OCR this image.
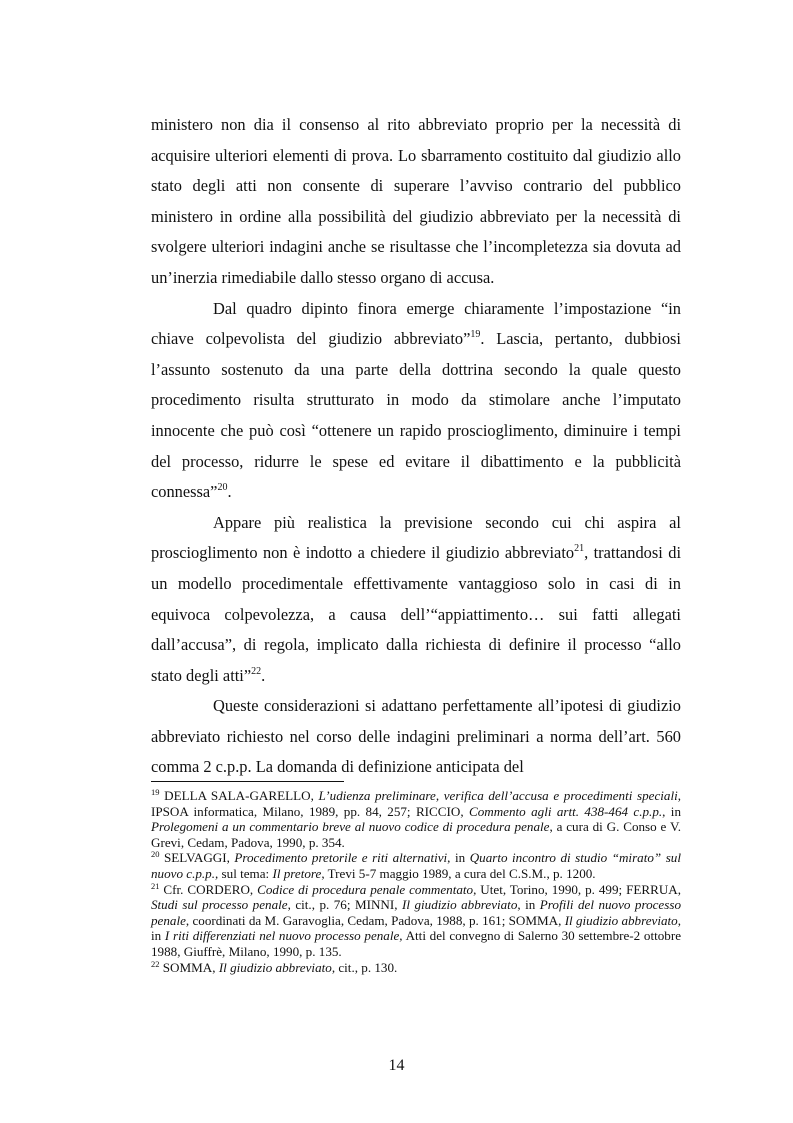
ministero non dia il consenso al rito abbreviato proprio per la necessità di acquisire ulteriori elementi di prova. Lo sbarramento costituito dal giudizio allo stato degli atti non consente di superare l’avviso contrario del pubblico ministero in ordine alla possibilità del giudizio abbreviato per la necessità di svolgere ulteriori indagini anche se risultasse che l’incompletezza sia dovuta ad un’inerzia rimediabile dallo stesso organo di accusa.

Dal quadro dipinto finora emerge chiaramente l’impostazione “in chiave colpevolista del giudizio abbreviato”$^{19}$. Lascia, pertanto, dubbiosi l’assunto sostenuto da una parte della dottrina secondo la quale questo procedimento risulta strutturato in modo da stimolare anche l’imputato innocente che può così “ottenere un rapido proscioglimento, diminuire i tempi del processo, ridurre le spese ed evitare il dibattimento e la pubblicità connessa”$^{20}$.

Appare più realistica la previsione secondo cui chi aspira al proscioglimento non è indotto a chiedere il giudizio abbreviato$^{21}$, trattandosi di un modello procedimentale effettivamente vantaggioso solo in casi di in equivoca colpevolezza, a causa dell’“appiattimento… sui fatti allegati dall’accusa”, di regola, implicato dalla richiesta di definire il processo “allo stato degli atti”$^{22}$.

Queste considerazioni si adattano perfettamente all’ipotesi di giudizio abbreviato richiesto nel corso delle indagini preliminari a norma dell’art. 560 comma 2 c.p.p. La domanda di definizione anticipata del

$^{19}$ DELLA SALA-GARELLO, L’udienza preliminare, verifica dell’accusa e procedimenti speciali, IPSOA informatica, Milano, 1989, pp. 84, 257; RICCIO, Commento agli artt. 438-464 c.p.p., in Prolegomeni a un commentario breve al nuovo codice di procedura penale, a cura di G. Conso e V. Grevi, Cedam, Padova, 1990, p. 354.

$^{20}$ SELVAGGI, Procedimento pretorile e riti alternativi, in Quarto incontro di studio “mirato” sul nuovo c.p.p., sul tema: Il pretore, Trevi 5-7 maggio 1989, a cura del C.S.M., p. 1200.

$^{21}$ Cfr. CORDERO, Codice di procedura penale commentato, Utet, Torino, 1990, p. 499; FERRUA, Studi sul processo penale, cit., p. 76; MINNI, Il giudizio abbreviato, in Profili del nuovo processo penale, coordinati da M. Garavoglia, Cedam, Padova, 1988, p. 161; SOMMA, Il giudizio abbreviato, in I riti differenziati nel nuovo processo penale, Atti del convegno di Salerno 30 settembre-2 ottobre 1988, Giuffrè, Milano, 1990, p. 135.

$^{22}$ SOMMA, Il giudizio abbreviato, cit., p. 130.

14
